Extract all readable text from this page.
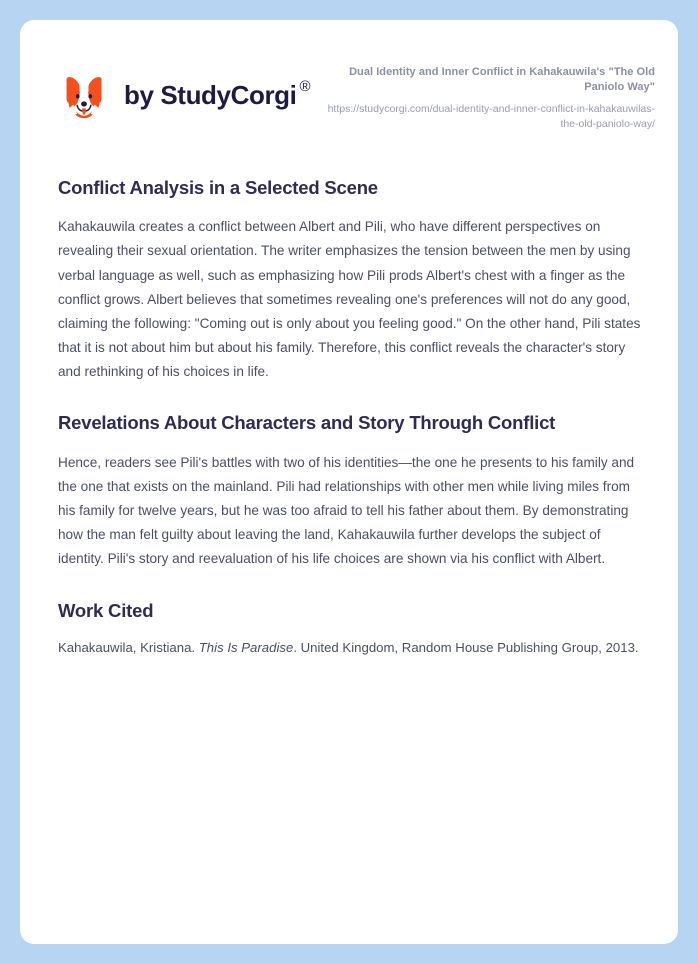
by StudyCorgi ®
Dual Identity and Inner Conflict in Kahakauwila's "The Old Paniolo Way"
https://studycorgi.com/dual-identity-and-inner-conflict-in-kahakauwilas-the-old-paniolo-way/
Conflict Analysis in a Selected Scene

Kahakauwila creates a conflict between Albert and Pili, who have different perspectives on revealing their sexual orientation. The writer emphasizes the tension between the men by using verbal language as well, such as emphasizing how Pili prods Albert's chest with a finger as the conflict grows. Albert believes that sometimes revealing one's preferences will not do any good, claiming the following: "Coming out is only about you feeling good." On the other hand, Pili states that it is not about him but about his family. Therefore, this conflict reveals the character's story and rethinking of his choices in life.

Revelations About Characters and Story Through Conflict

Hence, readers see Pili's battles with two of his identities—the one he presents to his family and the one that exists on the mainland. Pili had relationships with other men while living miles from his family for twelve years, but he was too afraid to tell his father about them. By demonstrating how the man felt guilty about leaving the land, Kahakauwila further develops the subject of identity. Pili's story and reevaluation of his life choices are shown via his conflict with Albert.

Work Cited

Kahakauwila, Kristiana. This Is Paradise. United Kingdom, Random House Publishing Group, 2013.
